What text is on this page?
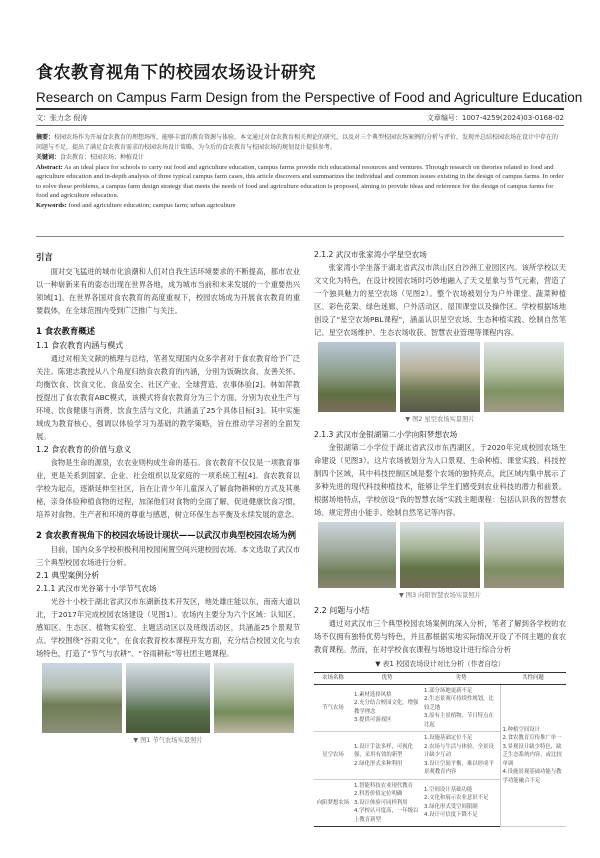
食农教育视角下的校园农场设计研究
Research on Campus Farm Design from the Perspective of Food and Agriculture Education
文：张力念 倪涛	文章编号：1007-4259(2024)03-0168-02

摘要：校园农场作为开展食农教育的理想场所，能够丰富的教育资源与体验，本文通过对食农教育相关理论的研究，以及对三个典型校园农场案例的分析与评价，发现并总结校园农场在设计中存在的问题与不足，提出了满足食农教育需求的校园农场设计策略，为今后的食农教育与校园农场的规划设计提供参考。

关键词：食农教育；校园农场；种植设计

Abstract: As an ideal place for schools to carry out food and agriculture education, campus farms provide rich educational resources and ventures. Through research on theories related to food and agriculture education and in-depth analysis of three typical campus farm cases, this article discovers and summarizes the individual and common issues existing in the design of campus farms. In order to solve these problems, a campus farm design strategy that meets the needs of food and agriculture education is proposed, aiming to provide ideas and reference for the design of campus farms for food and agriculture education.

Keywords: food and agriculture education; campus farm; urban agriculture

引言
面对交飞猛进的城市化浪潮和人们对自我生活环境要求的不断提高，都市农业以一种崭新来有的姿态出现在世界各地，成为城市当前和未来发展的一个重要热兴领域[1]。在世界各国对食农教育的高度重视下，校园农场成为开展食农教育的重要载体，在全球范围内受到广泛推广与关注。
1 食农教育概述
1.1 食农教育内涵与模式
通过对相关文献的梳理与总结，笔者发现国内众多学者对于食农教育给予广泛关注。陈建志教授从八个角度归纳食农教育的内涵，分别为饭碗饮食、友善关怀、均衡饮食、饮食文化、食品安全、社区产业、全球营造、农事体验[2]。林如萍教授提出了食农教育ABC模式，该模式将食农教育分为三个方面，分别为农业生产与环境、饮食健康与消费、饮食生活与文化，共涵盖了25个具体目标[3]。其中实施域成为教育核心，强调以体验学习为基础的教学策略，旨在推动学习者的全面发展。
1.2 食农教育的价值与意义
食物是生命的源泉，农农业则构成生命的基石。食农教育不仅仅是一项教育事业，更是关系到国家、企业、社会组织以及家庭的一项系统工程[4]。食农教育以学校为起点，逐渐延伸至社区，旨在让青少年儿童深入了解食物耕种的方式及其奥秘，亲身体验种植食物的过程，加深他们对食物的全面了解，促进健康饮食习惯，培养对食物、生产者和环境的尊重与感恩，树立环保生态平衡及永续发展的意念。
2 食农教育视角下的校园农场设计现状——以武汉市典型校园农场为例
目前，国内众多学校积极利用校园闲置空间兴建校园农场。本文选取了武汉市三个典型校园农场进行分析。
2.1 典型案例分析
2.1.1 武汉市光谷第十小学节气农场
光谷十小校于湖北省武汉市东湖新技术开发区，地处雄庄能以东，南南大道以北，于2017年完成校园农场建设（见图1）。农场内主要分为六个区域：认知区、感知区、生态区、植物实验室、主题活动区以及班级活动区，共涵盖25个景观节点。学校围绕“谷雨文化”，在食农教育校本课程开发方面，充分结合校园文化与农场特色，打造了“节气与农耕”、“谷雨耕耘”等社团主题课程。
▼ 图1 节气农场实景照片
2.1.2 武汉市张家湾小学星空农场
张家湾小学坐落于湖北省武汉市洪山区白沙洲工业园区内。该所学校以天文文化为特色，在设计校园农场时巧妙地融入了天文星象与节气元素，营造了一个独具魅力的星空农场（见图2）。整个农场被划分为户外课堂、蔬菜种植区、彩色花架、绿色迷廊、户外活动区、屋顶课堂以及操作区。学校根据场地创设了“星空农场PBL课程”，涵盖认识星空农场、生态种植实践、绘制自然笔记、星空农场维护、生态农场收获、智慧农业管理等课程内容。
▼ 图2 星空农场实景照片
2.1.3 武汉市金银湖第二小学向阳梦想农场
金银湖第二小学位于湖北省武汉市东西湖区，于2020年完成校园农场生命建设（见图3）。这片农场被划分为入口景观、生命种植、课堂实践、科技控制四个区域，其中科技控制区域是整个农场的独特亮点，此区域内集中展示了多种先进的现代科技种植技术，能够让学生们感受到农业科技的潜力和前景。根据场地特点，学校创设“我的智慧农场”实践主题课程：包括认识我的智慧农场、规定营由小能手、绘制自然笔记等内容。
▼ 图3 向阳智慧农场实景照片
2.2 问题与小结
通过对武汉市三个典型校园农场案例的深入分析，笔者了解到各学校的农场不仅拥有独特优势与特色，并且都根据实地实际情况开设了不同主题的食农教育课程。然而，在对学校食农课程与场地设计进行综合分析
▼ 表1 校园农场设计对比分析（作者自绘）
农场名称	优势	劣势	共性问题
节气农场	1.素材选择风格
2.充分结合校园文化，增强教学理念
3.提供可游戏区	1.部分场地更新不足
2.生态景观可持续性规划，比较乏地
3.原有主景植物，节日特点在比起	1.种植空间设计
2.食农教育宣传推广单一
3.景观设计缺少特色，缺乏生态系统内容，或比较单调
4.设施景观基础功能与教学功能融合不足
星空农场	1.设计手法多样，可视化强，采用有效的新型
2.绿化形式多种利用	1.设施基础定位不足
2.农场与生活与体验，全景设计缺少互动
3.设计空间平衡，难以形成平景观教育内容	
向阳梦想农场	1.智能科技农业现代教育
2.科普价值定位明确
3.设计体验可同样利用
4.学校认可度高，一年级以上教育新型	1.空间设计基础功能
2.文化和展示农业意识不足
3.绿化形式受空间限制
4.设计可信度下降不足	
